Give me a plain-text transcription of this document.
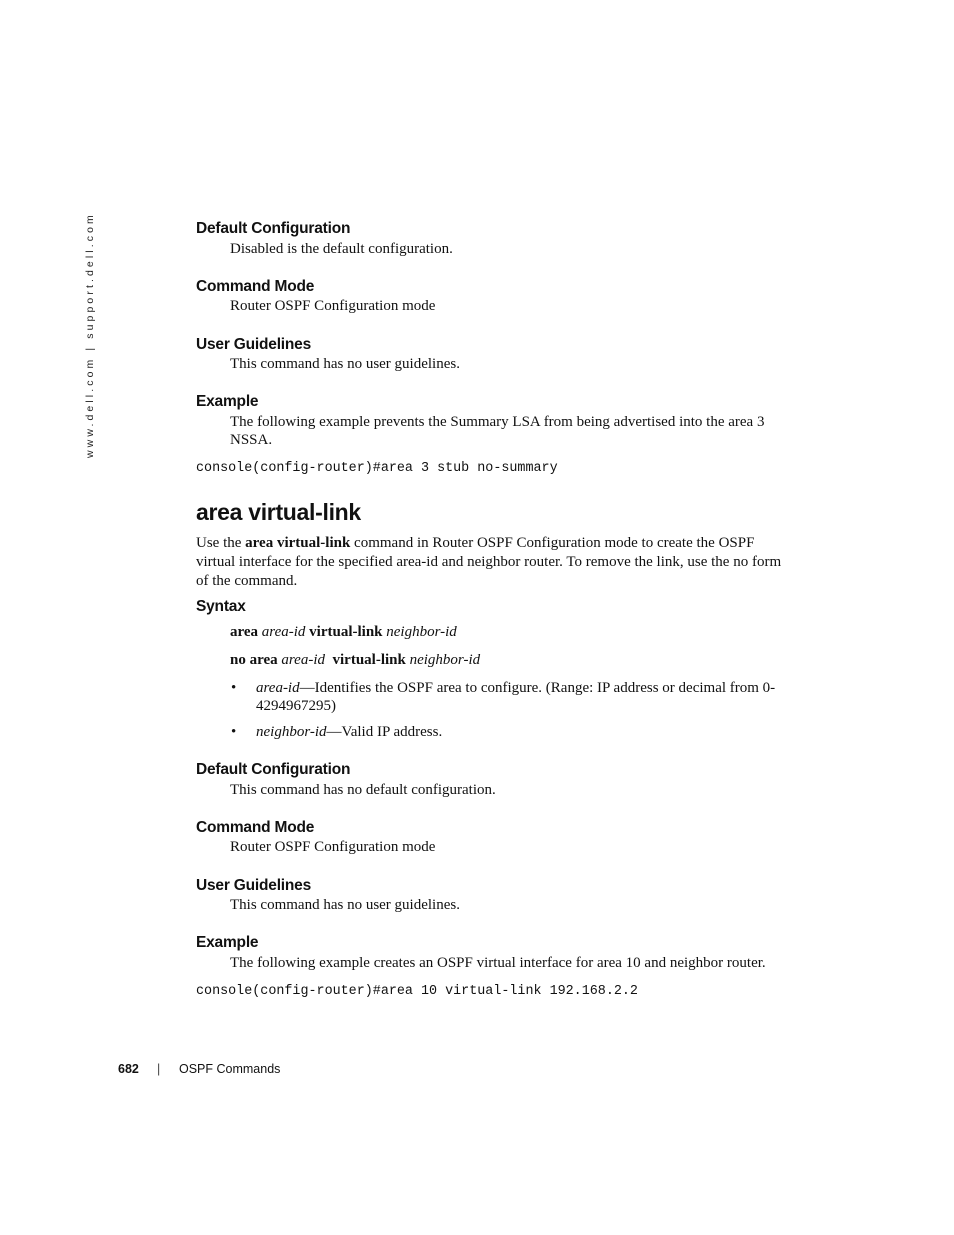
www.dell.com | support.dell.com	Default Configuration
Disabled is the default configuration.
Command Mode
Router OSPF Configuration mode
User Guidelines
This command has no user guidelines.
Example
The following example prevents the Summary LSA from being advertised into the area 3
NSSA.
console(config-router)#area 3 stub no-summary
area virtual-link
Use the area virtual-link command in Router OSPF Configuration mode to create the OSPF
virtual interface for the specified area-id and neighbor router. To remove the link, use the no form
of the command.
Syntax
area area-id virtual-link neighbor-id
no area area-id virtual-link neighbor-id
• area-id—Identifies the OSPF area to configure. (Range: IP address or decimal from 0-
4294967295)
• neighbor-id—Valid IP address.
Default Configuration
This command has no default configuration.
Command Mode
Router OSPF Configuration mode
User Guidelines
This command has no user guidelines.
Example
The following example creates an OSPF virtual interface for area 10 and neighbor router.
console(config-router)#area 10 virtual-link 192.168.2.2
682 | OSPF Commands
